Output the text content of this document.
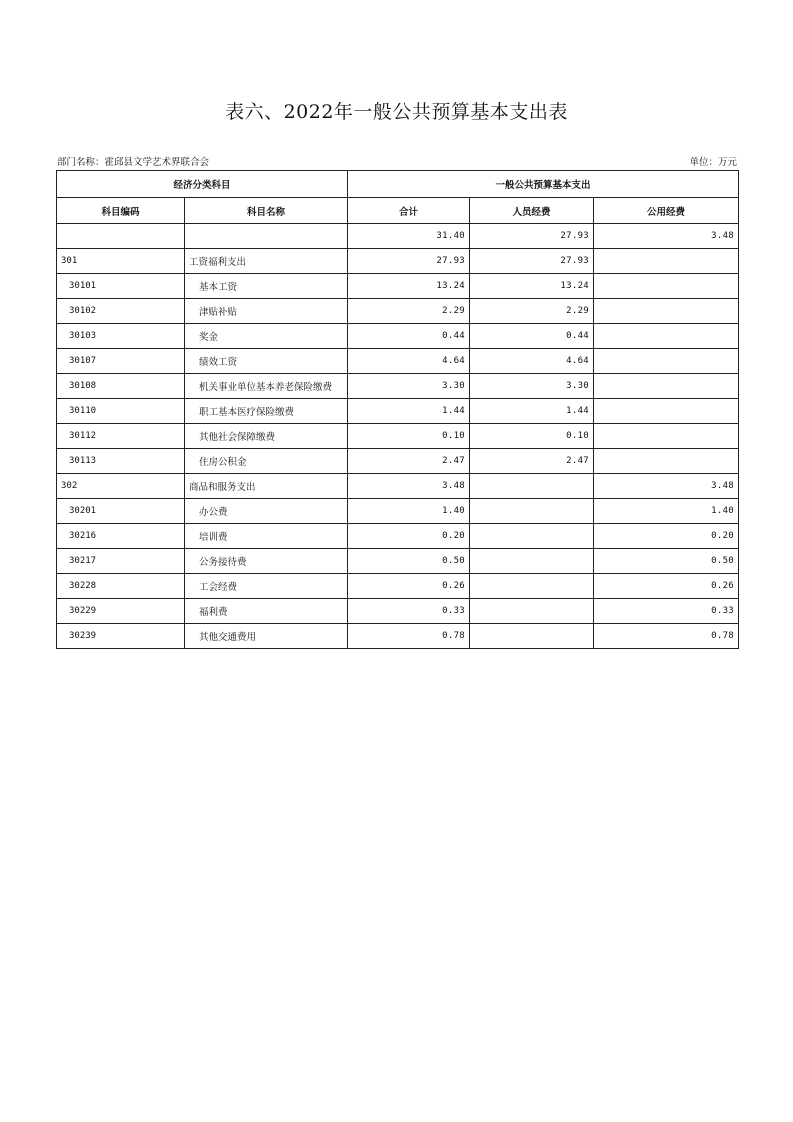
表六、2022年一般公共预算基本支出表
部门名称：霍邱县文学艺术界联合会	单位：万元
经济分类科目		一般公共预算基本支出		
科目编码	科目名称	合计	人员经费	公用经费
		31.40	27.93	3.48
301	工资福利支出	27.93	27.93	
30101	基本工资	13.24	13.24	
30102	津贴补贴	2.29	2.29	
30103	奖金	0.44	0.44	
30107	绩效工资	4.64	4.64	
30108	机关事业单位基本养老保险缴费	3.30	3.30	
30110	职工基本医疗保险缴费	1.44	1.44	
30112	其他社会保障缴费	0.10	0.10	
30113	住房公积金	2.47	2.47	
302	商品和服务支出	3.48		3.48
30201	办公费	1.40		1.40
30216	培训费	0.20		0.20
30217	公务接待费	0.50		0.50
30228	工会经费	0.26		0.26
30229	福利费	0.33		0.33
30239	其他交通费用	0.78		0.78
